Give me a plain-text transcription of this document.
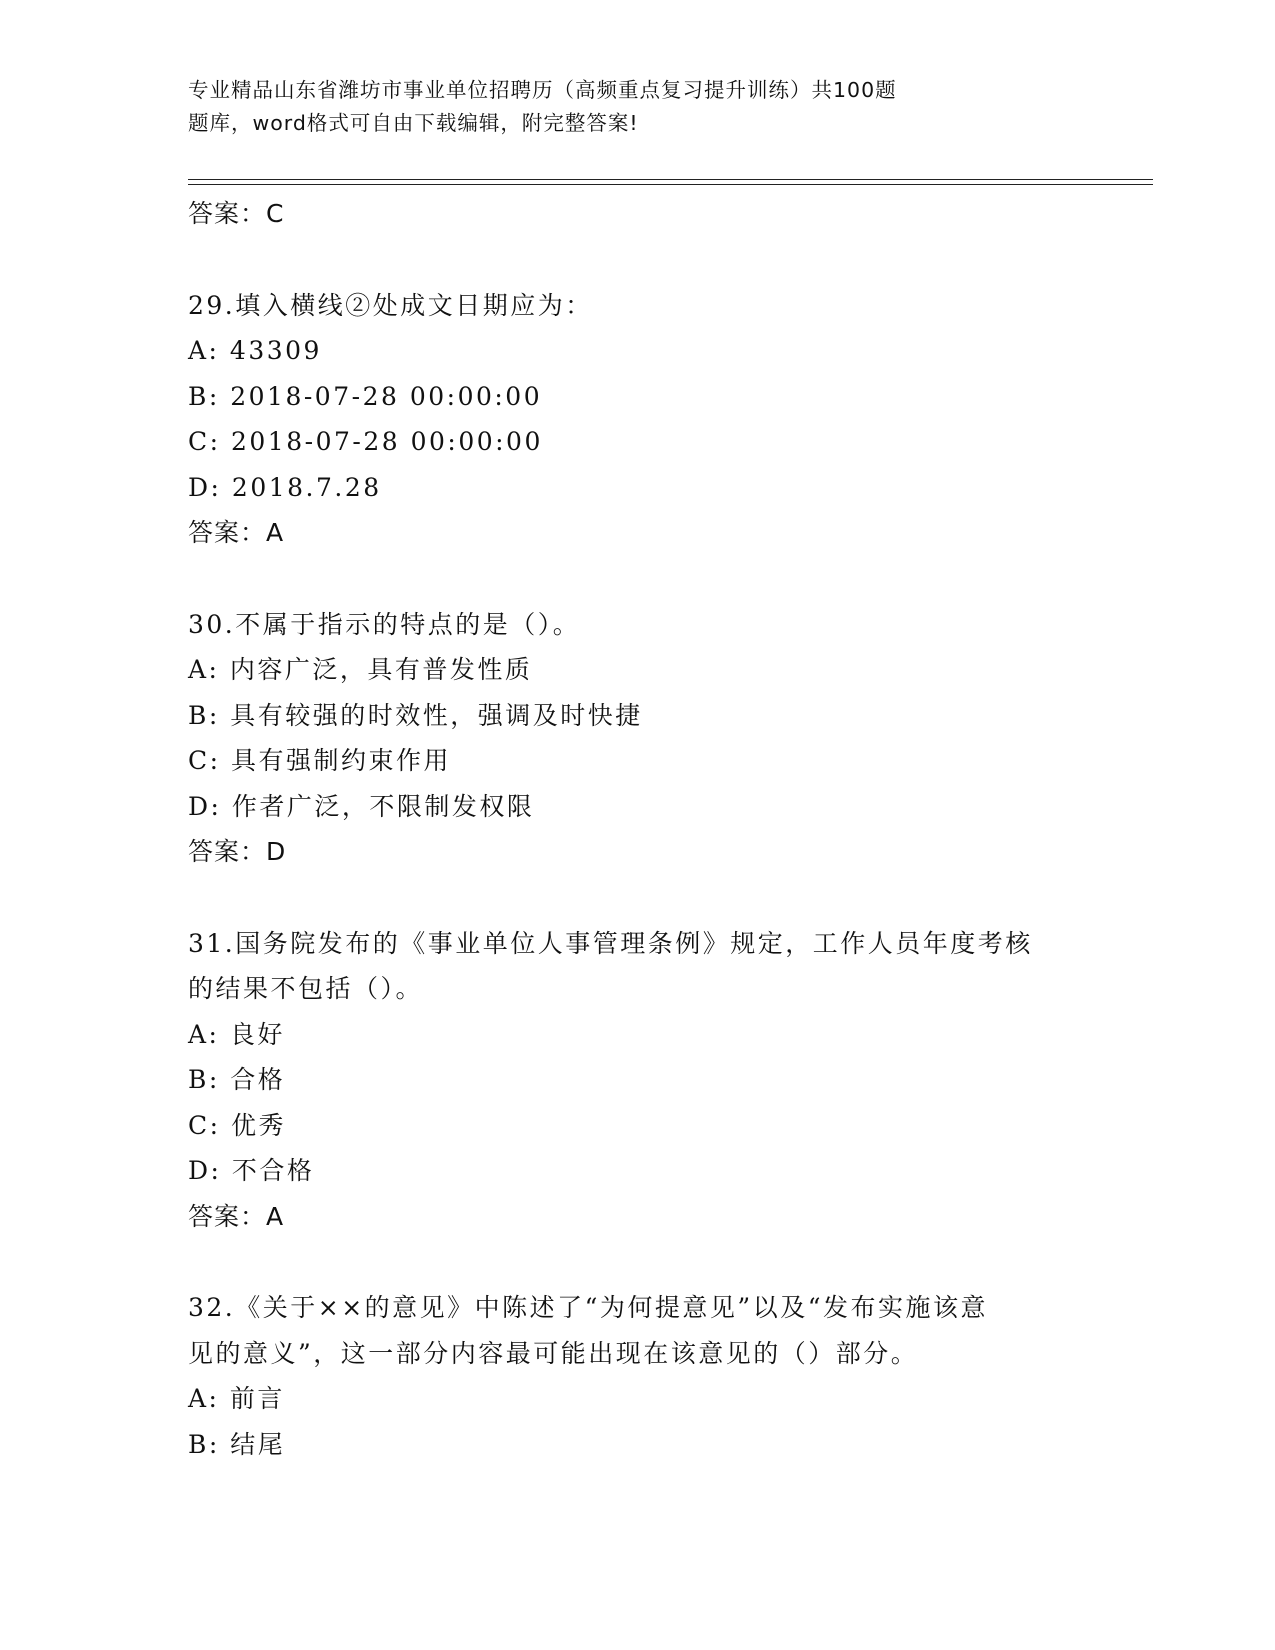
专业精品山东省潍坊市事业单位招聘历（高频重点复习提升训练）共100题
题库，word格式可自由下载编辑，附完整答案!
答案：C
29.填入横线②处成文日期应为：
A: 43309
B: 2018-07-28 00:00:00
C: 2018-07-28 00:00:00
D: 2018.7.28
答案：A
30.不属于指示的特点的是（）。
A: 内容广泛，具有普发性质
B: 具有较强的时效性，强调及时快捷
C: 具有强制约束作用
D: 作者广泛，不限制发权限
答案：D
31.国务院发布的《事业单位人事管理条例》规定，工作人员年度考核
的结果不包括（）。
A: 良好
B: 合格
C: 优秀
D: 不合格
答案：A
32.《关于××的意见》中陈述了“为何提意见”以及“发布实施该意
见的意义”，这一部分内容最可能出现在该意见的（）部分。
A: 前言
B: 结尾
